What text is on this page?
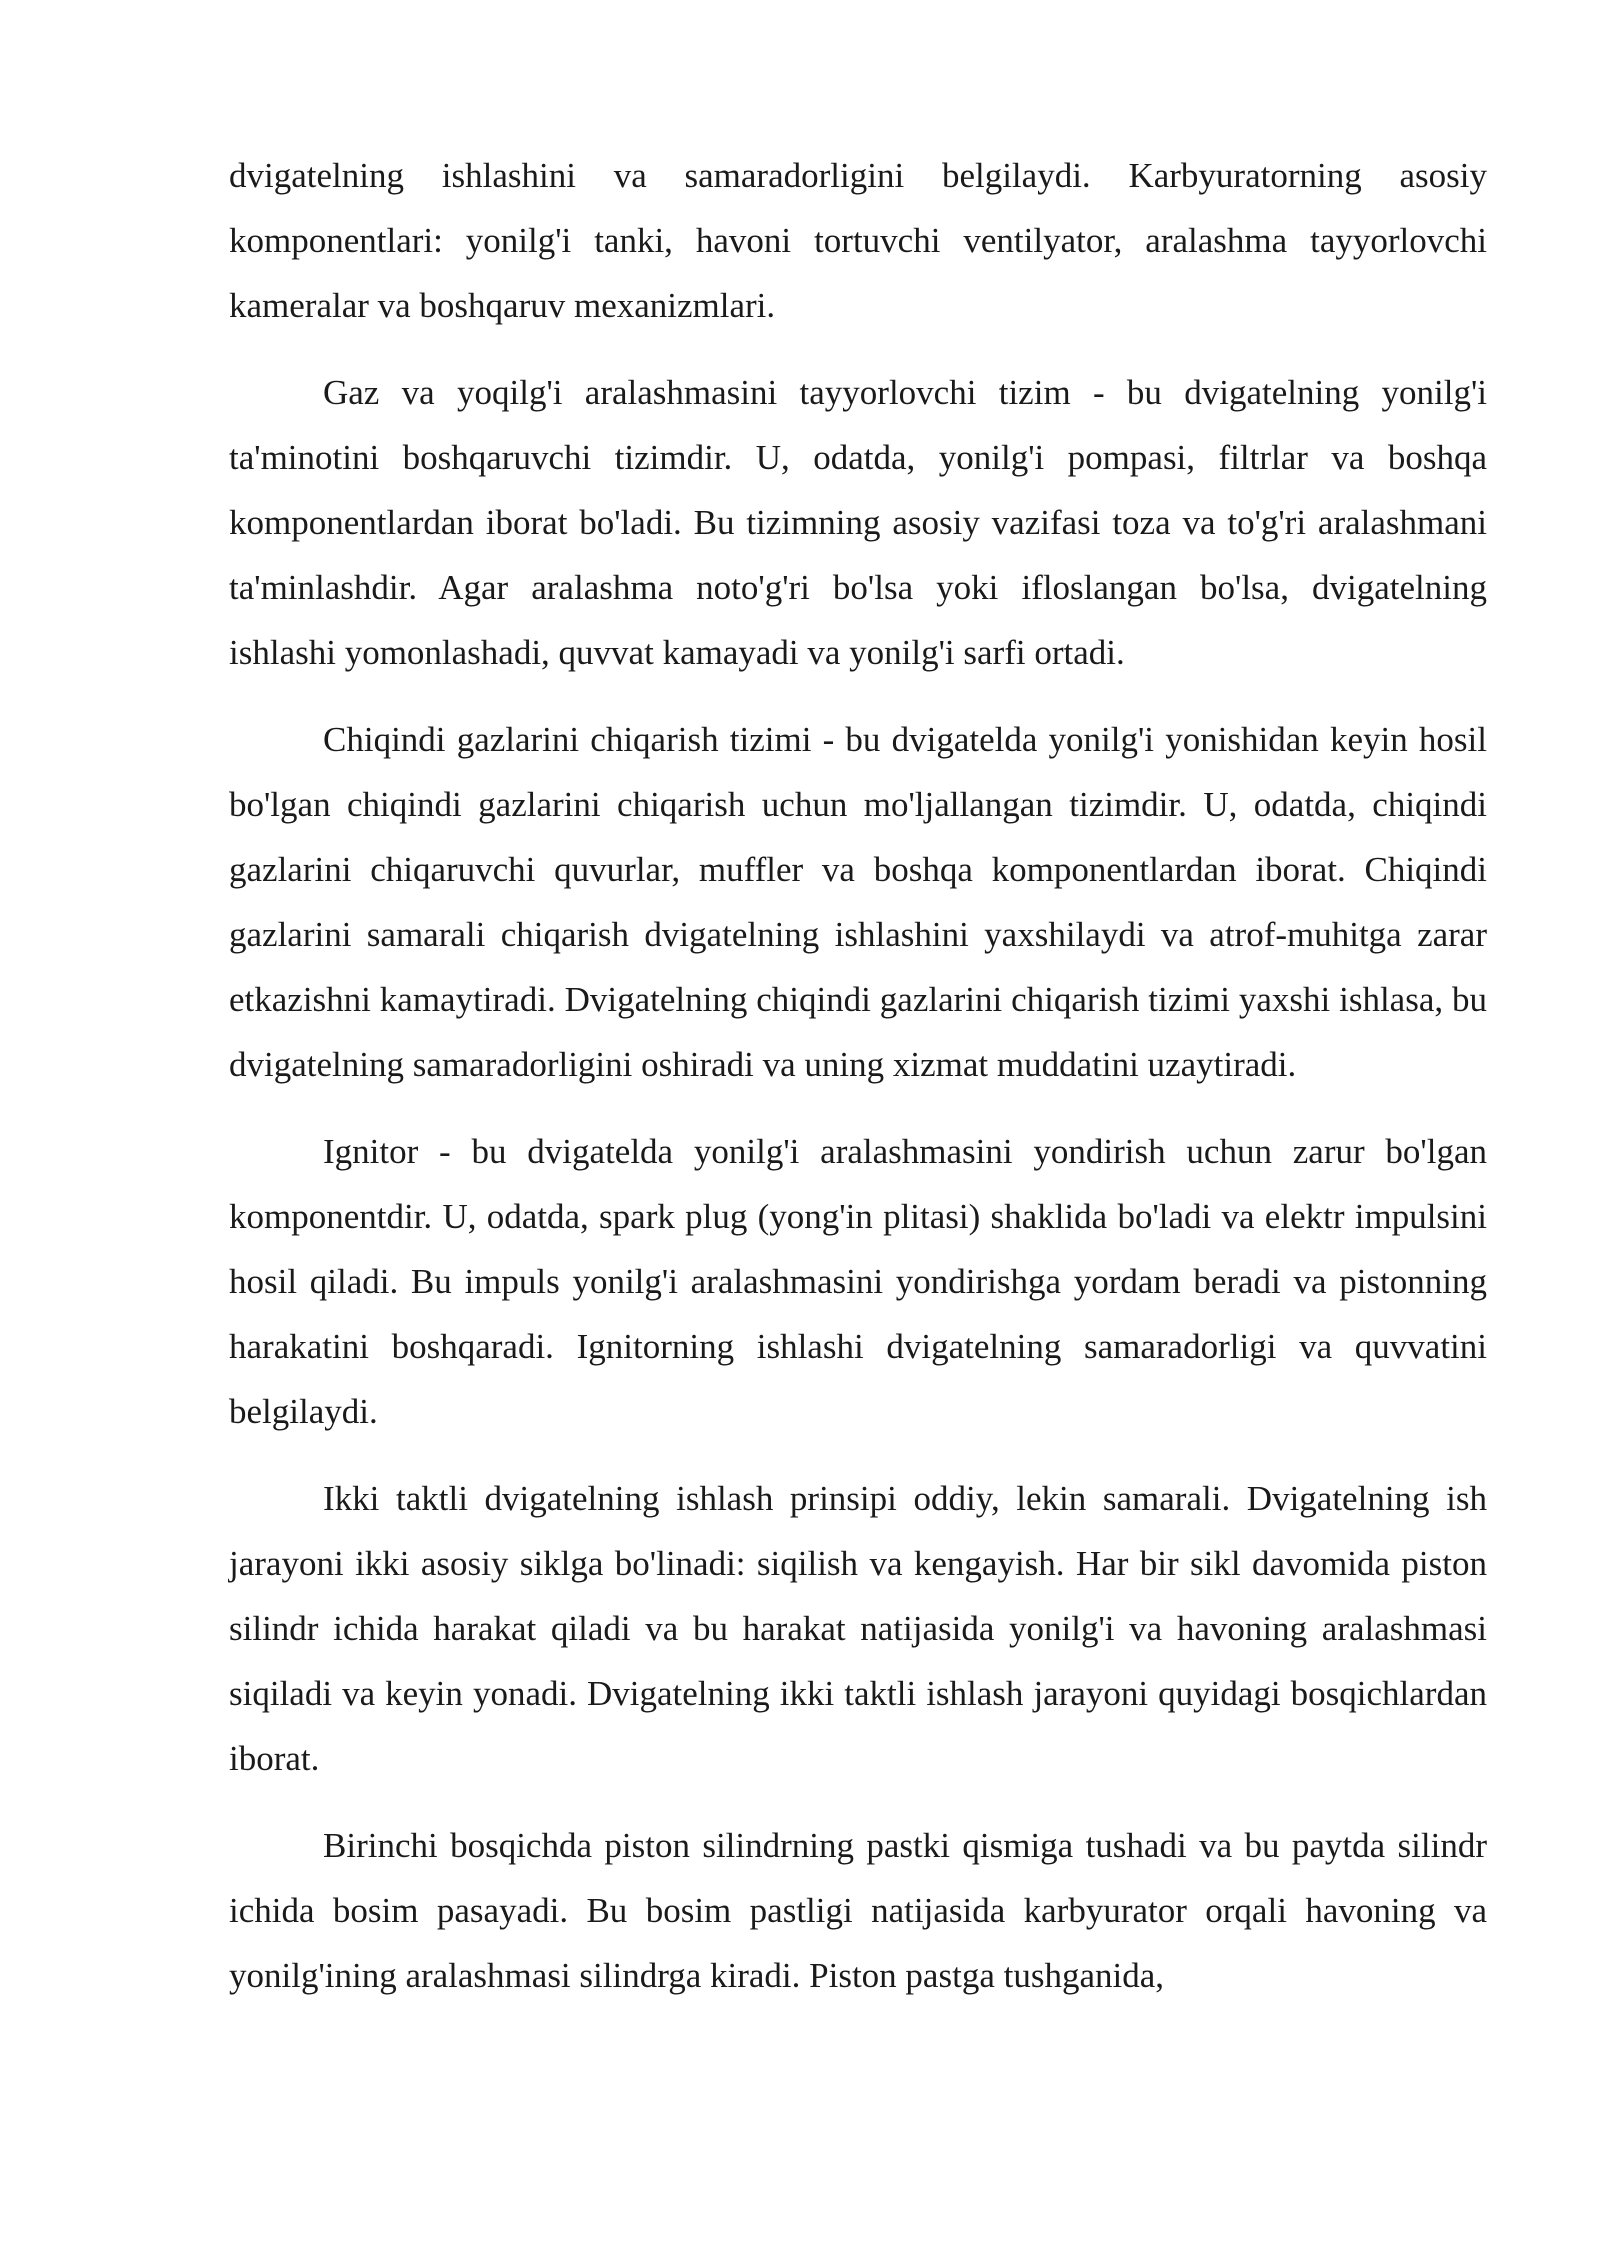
dvigatelning ishlashini va samaradorligini belgilaydi. Karbyuratorning asosiy komponentlari: yonilg'i tanki, havoni tortuvchi ventilyator, aralashma tayyorlovchi kameralar va boshqaruv mexanizmlari.

Gaz va yoqilg'i aralashmasini tayyorlovchi tizim - bu dvigatelning yonilg'i ta'minotini boshqaruvchi tizimdir. U, odatda, yonilg'i pompasi, filtrlar va boshqa komponentlardan iborat bo'ladi. Bu tizimning asosiy vazifasi toza va to'g'ri aralashmani ta'minlashdir. Agar aralashma noto'g'ri bo'lsa yoki ifloslangan bo'lsa, dvigatelning ishlashi yomonlashadi, quvvat kamayadi va yonilg'i sarfi ortadi.

Chiqindi gazlarini chiqarish tizimi - bu dvigatelda yonilg'i yonishidan keyin hosil bo'lgan chiqindi gazlarini chiqarish uchun mo'ljallangan tizimdir. U, odatda, chiqindi gazlarini chiqaruvchi quvurlar, muffler va boshqa komponentlardan iborat. Chiqindi gazlarini samarali chiqarish dvigatelning ishlashini yaxshilaydi va atrof-muhitga zarar etkazishni kamaytiradi. Dvigatelning chiqindi gazlarini chiqarish tizimi yaxshi ishlasa, bu dvigatelning samaradorligini oshiradi va uning xizmat muddatini uzaytiradi.

Ignitor - bu dvigatelda yonilg'i aralashmasini yondirish uchun zarur bo'lgan komponentdir. U, odatda, spark plug (yong'in plitasi) shaklida bo'ladi va elektr impulsini hosil qiladi. Bu impuls yonilg'i aralashmasini yondirishga yordam beradi va pistonning harakatini boshqaradi. Ignitorning ishlashi dvigatelning samaradorligi va quvvatini belgilaydi.

Ikki taktli dvigatelning ishlash prinsipi oddiy, lekin samarali. Dvigatelning ish jarayoni ikki asosiy siklga bo'linadi: siqilish va kengayish. Har bir sikl davomida piston silindr ichida harakat qiladi va bu harakat natijasida yonilg'i va havoning aralashmasi siqiladi va keyin yonadi. Dvigatelning ikki taktli ishlash jarayoni quyidagi bosqichlardan iborat.

Birinchi bosqichda piston silindrning pastki qismiga tushadi va bu paytda silindr ichida bosim pasayadi. Bu bosim pastligi natijasida karbyurator orqali havoning va yonilg'ining aralashmasi silindrga kiradi. Piston pastga tushganida,
